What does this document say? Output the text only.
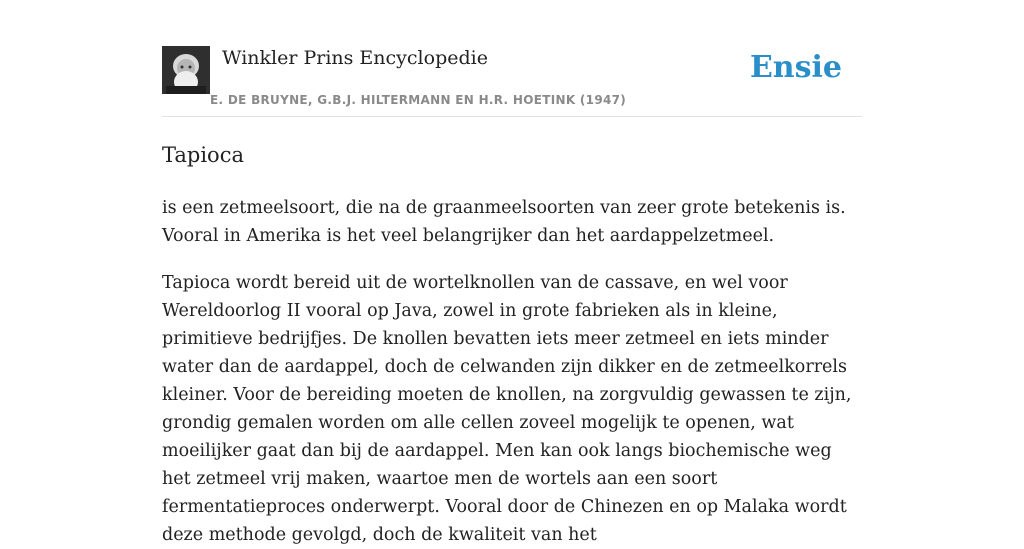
Winkler Prins Encyclopedie
E. DE BRUYNE, G.B.J. HILTERMANN EN H.R. HOETINK (1947)
Ensie
Tapioca

is een zetmeelsoort, die na de graanmeelsoorten van zeer grote betekenis is. Vooral in Amerika is het veel belangrijker dan het aardappelzetmeel.

Tapioca wordt bereid uit de wortelknollen van de cassave, en wel voor Wereldoorlog II vooral op Java, zowel in grote fabrieken als in kleine, primitieve bedrijfjes. De knollen bevatten iets meer zetmeel en iets minder water dan de aardappel, doch de celwanden zijn dikker en de zetmeelkorrels kleiner. Voor de bereiding moeten de knollen, na zorgvuldig gewassen te zijn, grondig gemalen worden om alle cellen zoveel mogelijk te openen, wat moeilijker gaat dan bij de aardappel. Men kan ook langs biochemische weg het zetmeel vrij maken, waartoe men de wortels aan een soort fermentatieproces onderwerpt. Vooral door de Chinezen en op Malaka wordt deze methode gevolgd, doch de kwaliteit van het
